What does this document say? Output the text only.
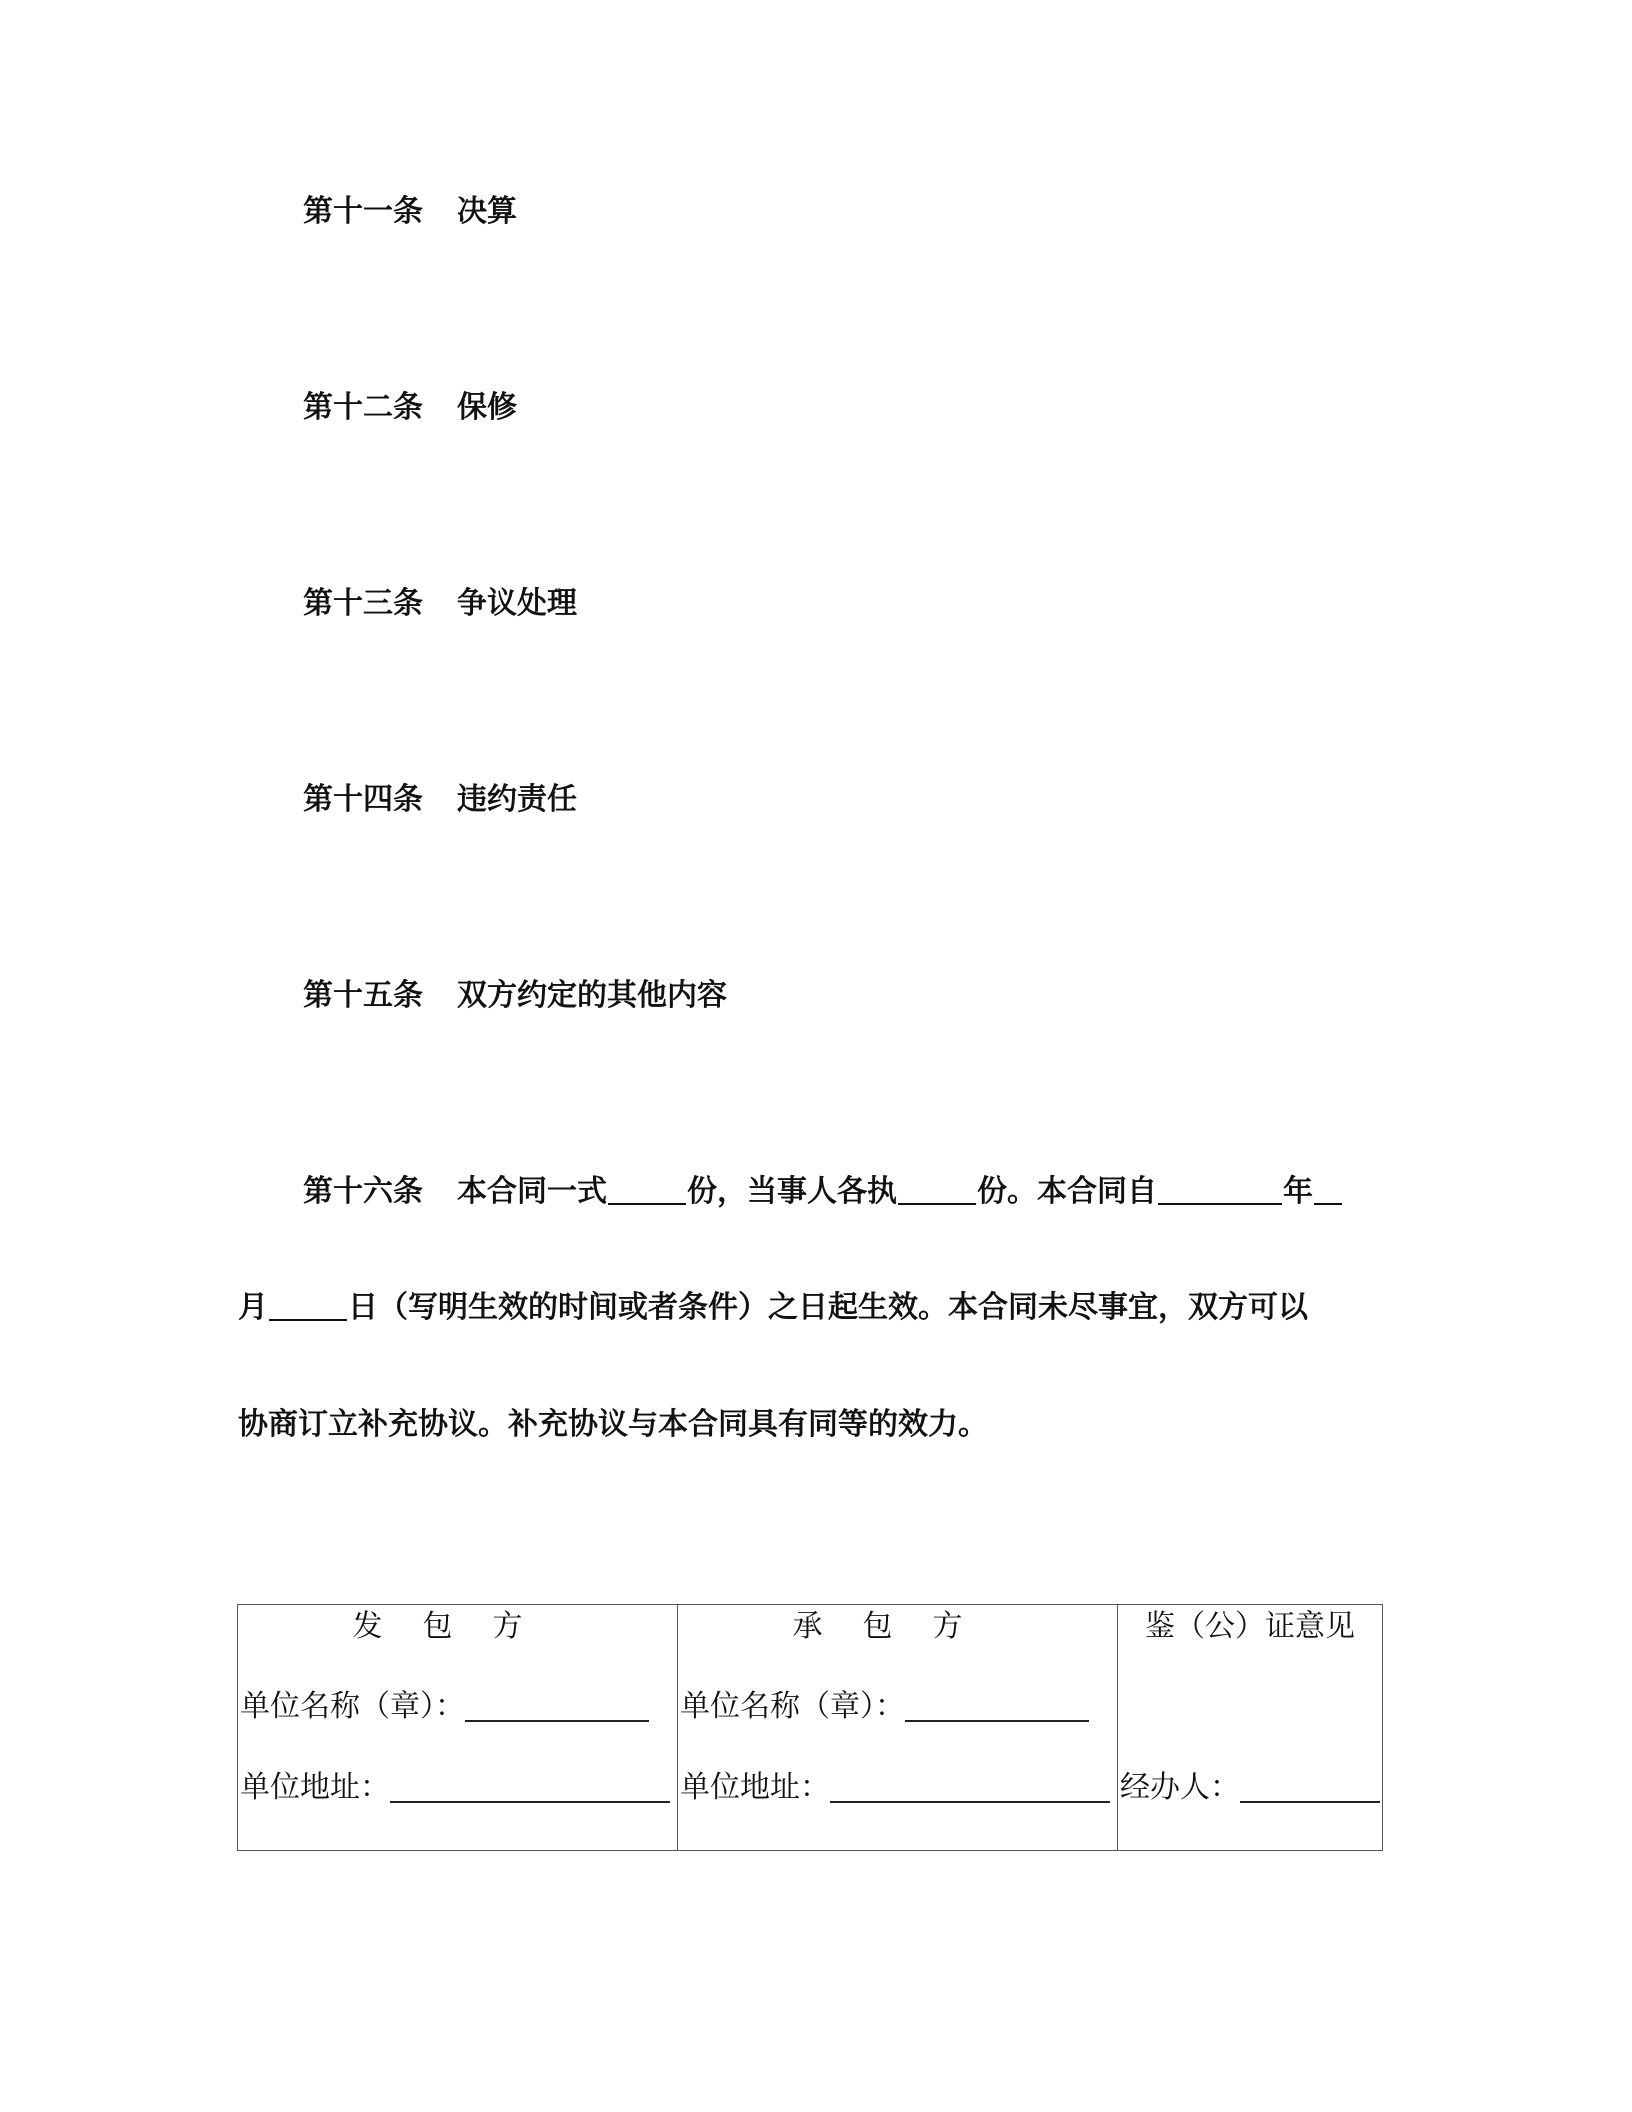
第十一条 决算
第十二条 保修
第十三条 争议处理
第十四条 违约责任
第十五条 双方约定的其他内容
第十六条 本合同一式	份，当事人各执	份。本合同自	年
月	日（写明生效的时间或者条件）之日起生效。本合同未尽事宜，双方可以
协商订立补充协议。补充协议与本合同具有同等的效力。
发包方
单位名称（章）：
单位地址：
承包方
单位名称（章）：
单位地址：
鉴（公）证意见
经办人：
